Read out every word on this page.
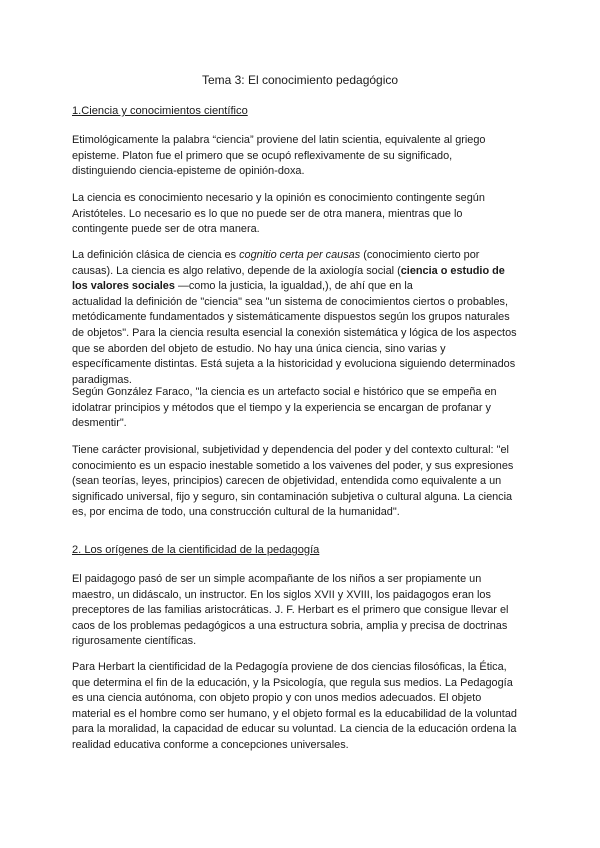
Tema 3: El conocimiento pedagógico
1.Ciencia y conocimientos científico
Etimológicamente la palabra “ciencia” proviene del latin scientia, equivalente al griego
episteme. Platon fue el primero que se ocupó reflexivamente de su significado,
distinguiendo ciencia-episteme de opinión-doxa.
La ciencia es conocimiento necesario y la opinión es conocimiento contingente según
Aristóteles. Lo necesario es lo que no puede ser de otra manera, mientras que lo
contingente puede ser de otra manera.
La definición clásica de ciencia es cognitio certa per causas (conocimiento cierto por
causas). La ciencia es algo relativo, depende de la axiología social (ciencia o estudio de
los valores sociales —como la justicia, la igualdad,), de ahí que en la
actualidad la definición de "ciencia" sea "un sistema de conocimientos ciertos o probables,
metódicamente fundamentados y sistemáticamente dispuestos según los grupos naturales
de objetos". Para la ciencia resulta esencial la conexión sistemática y lógica de los aspectos
que se aborden del objeto de estudio. No hay una única ciencia, sino varias y
específicamente distintas. Está sujeta a la historicidad y evoluciona siguiendo determinados
paradigmas.
Según González Faraco, "la ciencia es un artefacto social e histórico que se empeña en
idolatrar principios y métodos que el tiempo y la experiencia se encargan de profanar y
desmentir".
Tiene carácter provisional, subjetividad y dependencia del poder y del contexto cultural: "el
conocimiento es un espacio inestable sometido a los vaivenes del poder, y sus expresiones
(sean teorías, leyes, principios) carecen de objetividad, entendida como equivalente a un
significado universal, fijo y seguro, sin contaminación subjetiva o cultural alguna. La ciencia
es, por encima de todo, una construcción cultural de la humanidad".
2. Los orígenes de la cientificidad de la pedagogía
El paidagogo pasó de ser un simple acompañante de los niños a ser propiamente un
maestro, un didáscalo, un instructor. En los siglos XVII y XVIII, los paidagogos eran los
preceptores de las familias aristocráticas. J. F. Herbart es el primero que consigue llevar el
caos de los problemas pedagógicos a una estructura sobria, amplia y precisa de doctrinas
rigurosamente científicas.
Para Herbart la cientificidad de la Pedagogía proviene de dos ciencias filosóficas, la Ética,
que determina el fin de la educación, y la Psicología, que regula sus medios. La Pedagogía
es una ciencia autónoma, con objeto propio y con unos medios adecuados. El objeto
material es el hombre como ser humano, y el objeto formal es la educabilidad de la voluntad
para la moralidad, la capacidad de educar su voluntad. La ciencia de la educación ordena la
realidad educativa conforme a concepciones universales.
